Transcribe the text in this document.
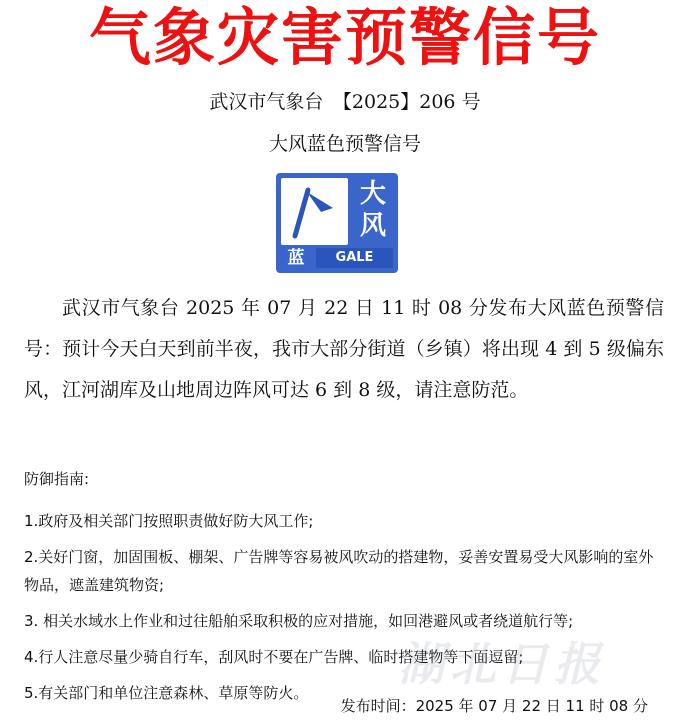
气象灾害预警信号
武汉市气象台　【2025】206 号
大风蓝色预警信号
大
风
蓝	GALE
武汉市气象台 2025 年 07 月 22 日 11 时 08 分发布大风蓝色预警信号：预计今天白天到前半夜，我市大部分街道（乡镇）将出现 4 到 5 级偏东风，江河湖库及山地周边阵风可达 6 到 8 级，请注意防范。
防御指南:
1.政府及相关部门按照职责做好防大风工作;
2.关好门窗，加固围板、棚架、广告牌等容易被风吹动的搭建物，妥善安置易受大风影响的室外物品，遮盖建筑物资;
3. 相关水域水上作业和过往船舶采取积极的应对措施，如回港避风或者绕道航行等;
4.行人注意尽量少骑自行车，刮风时不要在广告牌、临时搭建物等下面逗留;
5.有关部门和单位注意森林、草原等防火。
湖北日报
发布时间：2025 年 07 月 22 日 11 时 08 分
